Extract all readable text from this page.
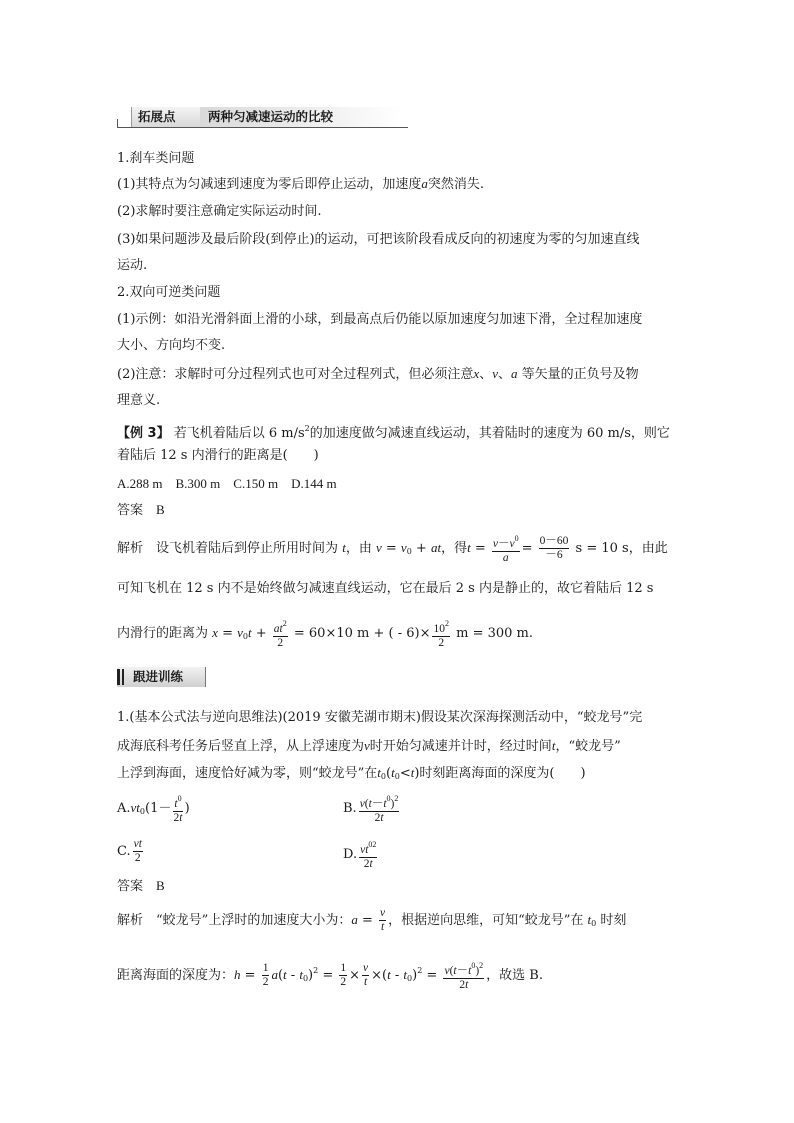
拓展点	两种匀减速运动的比较
1.刹车类问题
(1)其特点为匀减速到速度为零后即停止运动，加速度a突然消失.
(2)求解时要注意确定实际运动时间.
(3)如果问题涉及最后阶段(到停止)的运动，可把该阶段看成反向的初速度为零的匀加速直线
运动.
2.双向可逆类问题
(1)示例：如沿光滑斜面上滑的小球，到最高点后仍能以原加速度匀加速下滑，全过程加速度
大小、方向均不变.
(2)注意：求解时可分过程列式也可对全过程列式，但必须注意x、v、a 等矢量的正负号及物
理意义.
【例 3】 若飞机着陆后以 6 $m/s^2$的加速度做匀减速直线运动，其着陆时的速度为 60 m/s，则它
着陆后 12 s 内滑行的距离是(　　)
A.288 m　B.300 m　C.150 m　D.144 m
答案　 B
解析　 设飞机着陆后到停止所用时间为 t，由 $v = v_0$ + at，得$t = \frac{v-v^0}{a} = \frac{0-60}{-6}$ s = 10 s，由此
可知飞机在 12 s 内不是始终做匀减速直线运动，它在最后 2 s 内是静止的，故它着陆后 12 s
内滑行的距离为 $x = v_0t + \frac{at^2}{2} = 60\times 10$ m + ( - $6)\times \frac{10^2}{2}$ m = 300 m.
跟进训练
1.(基本公式法与逆向思维法)(2019 安徽芜湖市期末)假设某次深海探测活动中，“蛟龙号”完
成海底科考任务后竖直上浮，从上浮速度为v时开始匀减速并计时，经过时间t，“蛟龙号”
上浮到海面，速度恰好减为零，则“蛟龙号”在$t_0(t_0<t)$时刻距离海面的深度为(　　)
$A.vt_0(1- \frac{t^0}{2t}$ )	B. $\frac{v(t-t^0)^2}{2t}$
C. $\frac{vt}{2}$	D. $\frac{vt^{02}}{2t}$
答案　 B
解析　 “蛟龙号”上浮时的加速度大小为：$a = \frac{v}{t}$ ，根据逆向思维，可知“蛟龙号”在 $t_0$ 时刻
距离海面的深度为：$h = \frac{1}{2} a(t - t_0)^2 = \frac{1}{2} \times \frac{v}{t} \times(t - t_0)^2 = \frac{v(t-t^0)^2}{2t}$ ，故选 B.
